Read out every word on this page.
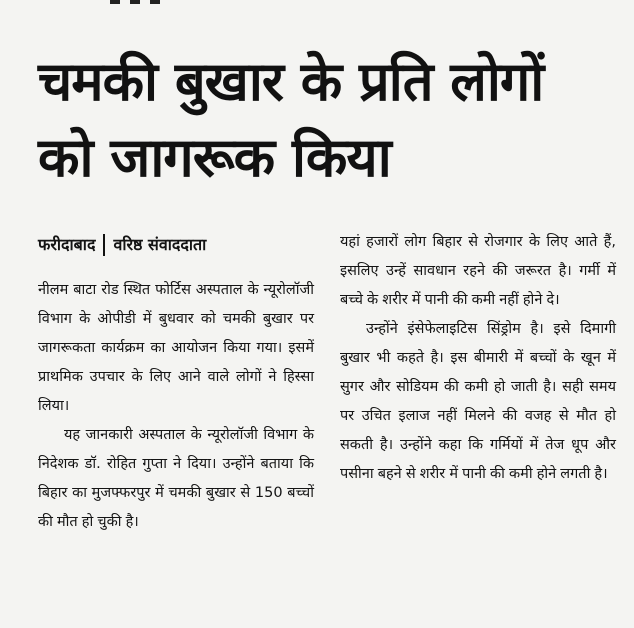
चमकी बुखार के प्रति लोगों
को जागरूक किया
फरीदाबाद वरिष्ठ संवाददाता

नीलम बाटा रोड स्थित फोर्टिस अस्पताल के न्यूरोलॉजी विभाग के ओपीडी में बुधवार को चमकी बुखार पर जागरूकता कार्यक्रम का आयोजन किया गया। इसमें प्राथमिक उपचार के लिए आने वाले लोगों ने हिस्सा लिया।

यह जानकारी अस्पताल के न्यूरोलॉजी विभाग के निदेशक डॉ. रोहित गुप्ता ने दिया। उन्होंने बताया कि बिहार का मुजफ्फरपुर में चमकी बुखार से 150 बच्चों की मौत हो चुकी है।

यहां हजारों लोग बिहार से रोजगार के लिए आते हैं, इसलिए उन्हें सावधान रहने की जरूरत है। गर्मी में बच्चे के शरीर में पानी की कमी नहीं होने दे।

उन्होंने इंसेफेलाइटिस सिंड्रोम है। इसे दिमागी बुखार भी कहते है। इस बीमारी में बच्चों के खून में सुगर और सोडियम की कमी हो जाती है। सही समय पर उचित इलाज नहीं मिलने की वजह से मौत हो सकती है। उन्होंने कहा कि गर्मियों में तेज धूप और पसीना बहने से शरीर में पानी की कमी होने लगती है।
